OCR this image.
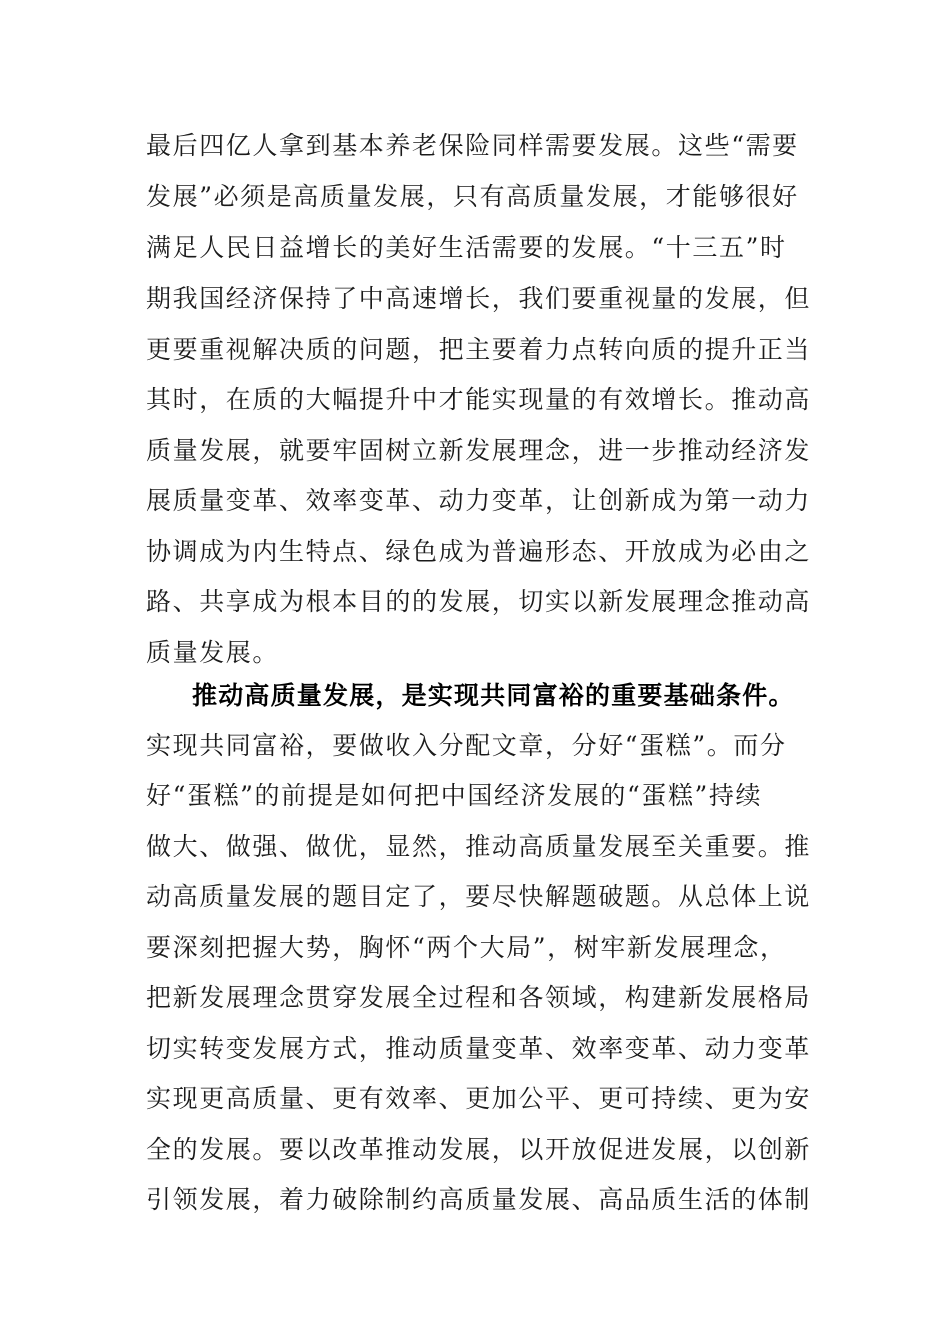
最后四亿人拿到基本养老保险同样需要发展。这些“需要
发展”必须是高质量发展，只有高质量发展，才能够很好
满足人民日益增长的美好生活需要的发展。“十三五”时
期我国经济保持了中高速增长，我们要重视量的发展，但
更要重视解决质的问题，把主要着力点转向质的提升正当
其时，在质的大幅提升中才能实现量的有效增长。推动高
质量发展，就要牢固树立新发展理念，进一步推动经济发
展质量变革、效率变革、动力变革，让创新成为第一动力
协调成为内生特点、绿色成为普遍形态、开放成为必由之
路、共享成为根本目的的发展，切实以新发展理念推动高
质量发展。
推动高质量发展，是实现共同富裕的重要基础条件。
实现共同富裕，要做收入分配文章，分好“蛋糕”。而分
好“蛋糕”的前提是如何把中国经济发展的“蛋糕”持续
做大、做强、做优，显然，推动高质量发展至关重要。推
动高质量发展的题目定了，要尽快解题破题。从总体上说
要深刻把握大势，胸怀“两个大局”，树牢新发展理念，
把新发展理念贯穿发展全过程和各领域，构建新发展格局
切实转变发展方式，推动质量变革、效率变革、动力变革
实现更高质量、更有效率、更加公平、更可持续、更为安
全的发展。要以改革推动发展，以开放促进发展，以创新
引领发展，着力破除制约高质量发展、高品质生活的体制
